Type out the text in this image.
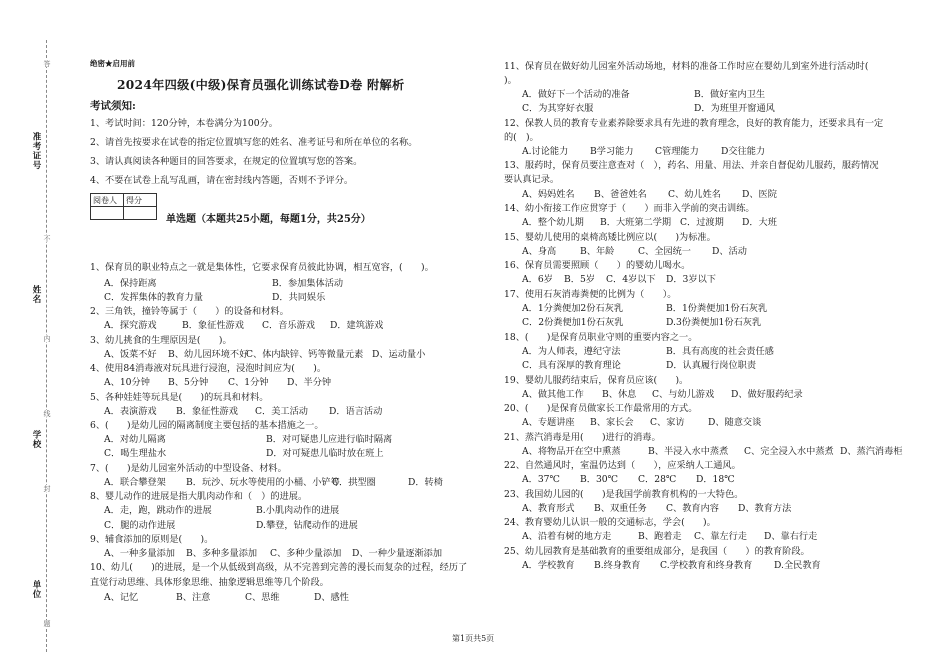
准考证号
姓名
学校
单位
答
不
内
线
封
题
绝密★启用前
2024年四级(中级)保育员强化训练试卷D卷 附解析
考试须知:
1、考试时间：120分钟，本卷满分为100分。
2、请首先按要求在试卷的指定位置填写您的姓名、准考证号和所在单位的名称。
3、请认真阅读各种题目的回答要求，在规定的位置填写您的答案。
4、不要在试卷上乱写乱画，请在密封线内答题，否则不予评分。
阅卷人	得分

单选题（本题共25小题，每题1分，共25分）
1、保育员的职业特点之一就是集体性，它要求保育员彼此协调，相互宽容，(　　)。
A．保持距离	B．参加集体活动
C．发挥集体的教育力量	D．共同娱乐
2、三角铁，撞铃等属于（　　）的设备和材料。
A．探究游戏	B．象征性游戏 C．音乐游戏 D．建筑游戏
3、幼儿挑食的生理原因是(　　)。
A、饭菜不好 B、幼儿园环境不好
C、体内缺锌、钙等微量元素 D、运动量小
4、使用84消毒液对玩具进行浸泡，浸泡时间应为(　　)。
A、10分钟 B、5分钟 C、1分钟 D、半分钟
5、各种娃娃等玩具是(　　)的玩具和材料。
A．表演游戏 B．象征性游戏 C．美工活动 D．语言活动
6、(　　)是幼儿园的隔离制度主要包括的基本措施之一。
A．对幼儿隔离	B．对可疑患儿应进行临时隔离
C．喝生理盐水	D．对可疑患儿临时放在班上
7、(　　)是幼儿园室外活动的中型设备、材料。
A．联合攀登架 B．玩沙、玩水等使用的小桶、小铲等
C．拱型圈	D．转椅
8、婴儿动作的进展是指大肌肉动作和（　）的进展。
A．走，跑，跳动作的进展	B.小肌肉动作的进展
C．腿的动作进展	D.攀登，钻爬动作的进展
9、辅食添加的原则是(　　)。
A、一种多量添加 B、多种多量添加 C、多种少量添加 D、一种少量逐渐添加
10、幼儿(　　)的进展，是一个从低级到高级，从不完善到完善的漫长而复杂的过程，经历了
直觉行动思维、具体形象思维、抽象逻辑思维等几个阶段。
A、记忆	B、注意	C、思维	D、感性
11、保育员在做好幼儿园室外活动场地，材料的准备工作时应在婴幼儿到室外进行活动时(　　
)。
A．做好下一个活动的准备	B．做好室内卫生
C．为其穿好衣服	D．为班里开窗通风
12、保教人员的教育专业素养除要求具有先进的教育理念，良好的教育能力，还要求具有一定
的(　)。
A.讨论能力 B学习能力 C管理能力 D交往能力
13、服药时，保育员要注意查对（　），药名、用量、用法、并亲自督促幼儿服药，服药情况
要认真记录。
A、妈妈姓名 B、爸爸姓名 C、幼儿姓名 D、医院
14、幼小衔接工作应贯穿于（　　）而非入学前的突击训练。
A．整个幼儿期 B．大班第二学期 C．过渡期 D．大班
15、婴幼儿使用的桌椅高矮比例应以(　　)为标准。
A、身高	B、年龄	C、全园统一 D、活动
16、保育员需要照顾（　　）的婴幼儿喝水。
A．6岁 B．5岁 C．4岁以下 D．3岁以下
17、使用石灰消毒粪便的比例为（　　）。
A．1分粪便加2份石灰乳	B．1份粪便加1份石灰乳
C．2份粪便加1份石灰乳	D.3份粪便加1份石灰乳
18、(　　)是保育员职业守则的重要内容之一。
A．为人师表，遵纪守法	B．具有高度的社会责任感
C．具有深厚的教育理论	D．认真履行岗位职责
19、婴幼儿服药结束后，保育员应该(　　)。
A、做其他工作 B、休息 C、与幼儿游戏 D、做好服药纪录
20、(　　)是保育员做家长工作最常用的方式。
A、专题讲座 B、家长会 C、家访	D、随意交谈
21、蒸汽消毒是用(　　)进行的消毒。
A、将物品开在空中熏蒸	B、半浸入水中蒸煮 C、完全浸入水中蒸煮 D、蒸汽消毒柜
22、自然通风时，室温仍达到（　　），应采纳人工通风。
A．37℃ B．30℃ C．28℃ D．18℃
23、我国幼儿园的(　　)是我国学前教育机构的一大特色。
A、教育形式 B、双重任务 C、教育内容 D、教育方法
24、教育婴幼儿认识一般的交通标志，学会(　　)。
A、沿着有树的地方走	B、跑着走 C、靠左行走 D、靠右行走
25、幼儿园教育是基础教育的重要组成部分，是我国（　　）的教育阶段。
A．学校教育 B.终身教育 C.学校教育和终身教育 D.全民教育
第1页共5页
